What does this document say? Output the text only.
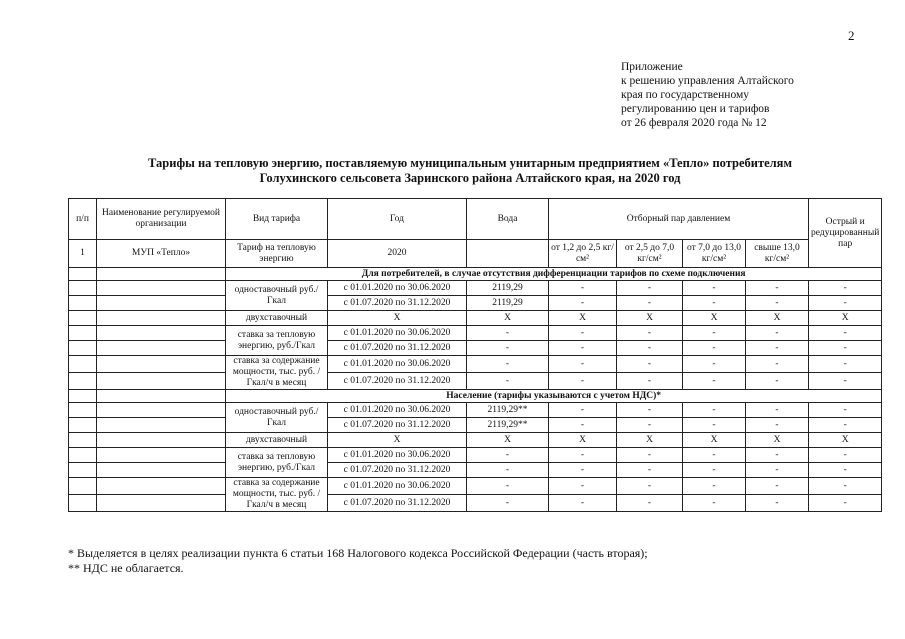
2
Приложение
к решению управления Алтайского
края по государственному
регулированию цен и тарифов
от 26 февраля 2020 года № 12
Тарифы на тепловую энергию, поставляемую муниципальным унитарным предприятием «Тепло» потребителям
Голухинского сельсовета Заринского района Алтайского края, на 2020 год
п/п	Наименование регулируемой организации	Вид тарифа	Год	Вода	Отборный пар давлением				Острый и редуцированный пар

1	МУП «Тепло»	Тариф на тепловую энергию	2020		от 1,2 до 2,5 кг/см²	от 2,5 до 7,0 кг/см²	от 7,0 до 13,0 кг/см²	свыше 13,0 кг/см²	
		Для потребителей, в случае отсутствия дифференциации тарифов по схеме подключения							
		одноставочный руб./Гкал	с 01.01.2020 по 30.06.2020	2119,29	-	-	-	-	-
			с 01.07.2020 по 31.12.2020	2119,29	-	-	-	-	-
		двухставочный	Х	Х	Х	Х	Х	Х	Х
		ставка за тепловую энергию, руб./Гкал	с 01.01.2020 по 30.06.2020	-	-	-	-	-	-
			с 01.07.2020 по 31.12.2020	-	-	-	-	-	-
		ставка за содержание мощности, тыс. руб. /Гкал/ч в месяц	с 01.01.2020 по 30.06.2020	-	-	-	-	-	-
			с 01.07.2020 по 31.12.2020	-	-	-	-	-	-
		Население (тарифы указываются с учетом НДС)*							
		одноставочный руб./Гкал	с 01.01.2020 по 30.06.2020	2119,29**	-	-	-	-	-
			с 01.07.2020 по 31.12.2020	2119,29**	-	-	-	-	-
		двухставочный	Х	Х	Х	Х	Х	Х	Х
		ставка за тепловую энергию, руб./Гкал	с 01.01.2020 по 30.06.2020	-	-	-	-	-	-
			с 01.07.2020 по 31.12.2020	-	-	-	-	-	-
		ставка за содержание мощности, тыс. руб. /Гкал/ч в месяц	с 01.01.2020 по 30.06.2020	-	-	-	-	-	-
			с 01.07.2020 по 31.12.2020	-	-	-	-	-	-
* Выделяется в целях реализации пункта 6 статьи 168 Налогового кодекса Российской Федерации (часть вторая);
** НДС не облагается.
